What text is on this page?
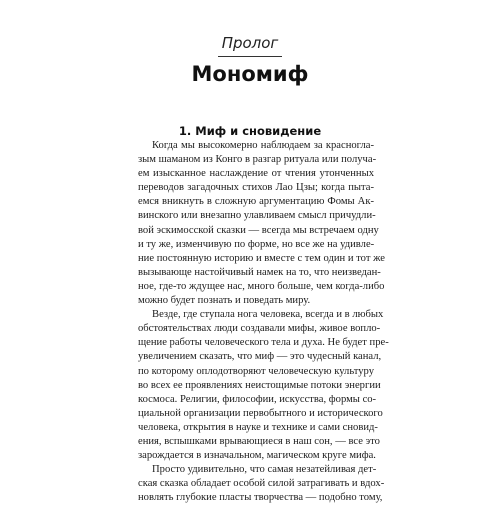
Пролог
Мономиф
1. Миф и сновидение
Когда мы высокомерно наблюдаем за красногла-
зым шаманом из Конго в разгар ритуала или получа-
ем изысканное наслаждение от чтения утонченных
переводов загадочных стихов Лао Цзы; когда пыта-
емся вникнуть в сложную аргументацию Фомы Ак-
винского или внезапно улавливаем смысл причудли-
вой эскимосской сказки — всегда мы встречаем одну
и ту же, изменчивую по форме, но все же на удивле-
ние постоянную историю и вместе с тем один и тот же
вызывающе настойчивый намек на то, что неизведан-
ное, где-то ждущее нас, много больше, чем когда-либо
можно будет познать и поведать миру.
Везде, где ступала нога человека, всегда и в любых
обстоятельствах люди создавали мифы, живое вопло-
щение работы человеческого тела и духа. Не будет пре-
увеличением сказать, что миф — это чудесный канал,
по которому оплодотворяют человеческую культуру
во всех ее проявлениях неистощимые потоки энергии
космоса. Религии, философии, искусства, формы со-
циальной организации первобытного и исторического
человека, открытия в науке и технике и сами сновид-
ения, вспышками врывающиеся в наш сон, — все это
зарождается в изначальном, магическом круге мифа.
Просто удивительно, что самая незатейливая дет-
ская сказка обладает особой силой затрагивать и вдох-
новлять глубокие пласты творчества — подобно тому,
